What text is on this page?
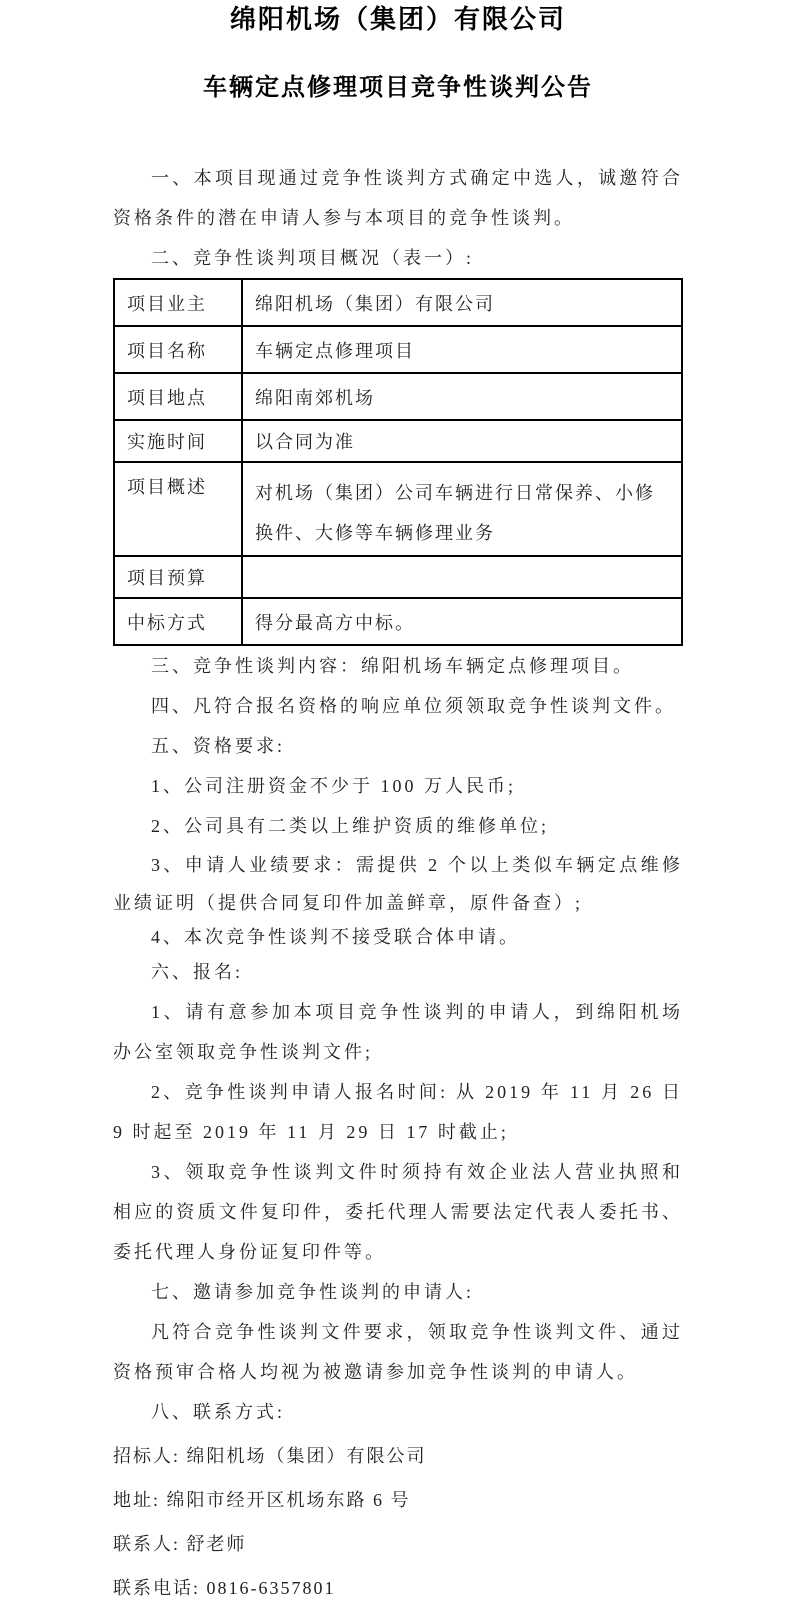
绵阳机场（集团）有限公司
车辆定点修理项目竞争性谈判公告

一、本项目现通过竞争性谈判方式确定中选人，诚邀符合资格条件的潜在申请人参与本项目的竞争性谈判。

二、竞争性谈判项目概况（表一）:

项目业主	绵阳机场（集团）有限公司
项目名称	车辆定点修理项目
项目地点	绵阳南郊机场
实施时间	以合同为准
项目概述	对机场（集团）公司车辆进行日常保养、小修换件、大修等车辆修理业务
项目预算	
中标方式	得分最高方中标。

三、竞争性谈判内容：绵阳机场车辆定点修理项目。

四、凡符合报名资格的响应单位须领取竞争性谈判文件。

五、资格要求:

1、公司注册资金不少于 100 万人民币;

2、公司具有二类以上维护资质的维修单位;

3、申请人业绩要求：需提供 2 个以上类似车辆定点维修业绩证明（提供合同复印件加盖鲜章，原件备查）;

4、本次竞争性谈判不接受联合体申请。

六、报名:

1、请有意参加本项目竞争性谈判的申请人，到绵阳机场办公室领取竞争性谈判文件;

2、竞争性谈判申请人报名时间: 从 2019 年 11 月 26 日 9 时起至 2019 年 11 月 29 日 17 时截止;

3、领取竞争性谈判文件时须持有效企业法人营业执照和相应的资质文件复印件，委托代理人需要法定代表人委托书、委托代理人身份证复印件等。

七、邀请参加竞争性谈判的申请人:

凡符合竞争性谈判文件要求，领取竞争性谈判文件、通过资格预审合格人均视为被邀请参加竞争性谈判的申请人。

八、联系方式:

招标人: 绵阳机场（集团）有限公司

地址: 绵阳市经开区机场东路 6 号

联系人: 舒老师

联系电话: 0816-6357801
